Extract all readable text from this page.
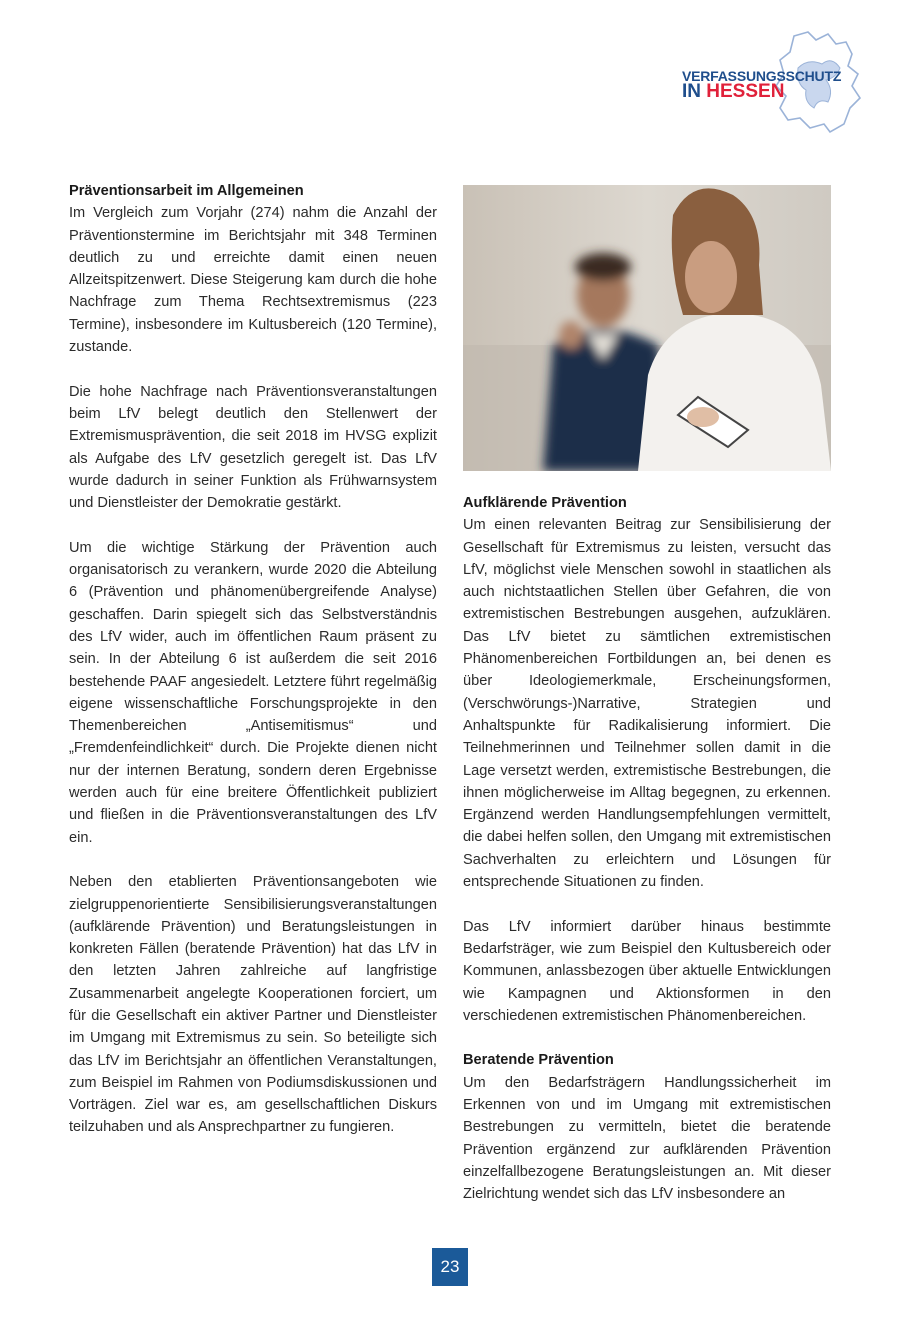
VERFASSUNGSSCHUTZ
IN HESSEN
Präventionsarbeit im Allgemeinen

Im Vergleich zum Vorjahr (274) nahm die Anzahl der Präventionstermine im Berichtsjahr mit 348 Terminen deutlich zu und erreichte damit einen neuen Allzeitspitzenwert. Diese Steigerung kam durch die hohe Nachfrage zum Thema Rechtsextremismus (223 Termine), insbesondere im Kultusbereich (120 Termine), zustande.

Die hohe Nachfrage nach Präventionsveranstaltungen beim LfV belegt deutlich den Stellenwert der Extremismusprävention, die seit 2018 im HVSG explizit als Aufgabe des LfV gesetzlich geregelt ist. Das LfV wurde dadurch in seiner Funktion als Frühwarnsystem und Dienstleister der Demokratie gestärkt.

Um die wichtige Stärkung der Prävention auch organisatorisch zu verankern, wurde 2020 die Abteilung 6 (Prävention und phänomenübergreifende Analyse) geschaffen. Darin spiegelt sich das Selbstverständnis des LfV wider, auch im öffentlichen Raum präsent zu sein. In der Abteilung 6 ist außerdem die seit 2016 bestehende PAAF angesiedelt. Letztere führt regelmäßig eigene wissenschaftliche Forschungsprojekte in den Themenbereichen „Antisemitismus“ und „Fremdenfeindlichkeit“ durch. Die Projekte dienen nicht nur der internen Beratung, sondern deren Ergebnisse werden auch für eine breitere Öffentlichkeit publiziert und fließen in die Präventionsveranstaltungen des LfV ein.

Neben den etablierten Präventionsangeboten wie zielgruppenorientierte Sensibilisierungsveranstaltungen (aufklärende Prävention) und Beratungsleistungen in konkreten Fällen (beratende Prävention) hat das LfV in den letzten Jahren zahlreiche auf langfristige Zusammenarbeit angelegte Kooperationen forciert, um für die Gesellschaft ein aktiver Partner und Dienstleister im Umgang mit Extremismus zu sein. So beteiligte sich das LfV im Berichtsjahr an öffentlichen Veranstaltungen, zum Beispiel im Rahmen von Podiumsdiskussionen und Vorträgen. Ziel war es, am gesellschaftlichen Diskurs teilzuhaben und als Ansprechpartner zu fungieren.

Aufklärende Prävention

Um einen relevanten Beitrag zur Sensibilisierung der Gesellschaft für Extremismus zu leisten, versucht das LfV, möglichst viele Menschen sowohl in staatlichen als auch nichtstaatlichen Stellen über Gefahren, die von extremistischen Bestrebungen ausgehen, aufzuklären. Das LfV bietet zu sämtlichen extremistischen Phänomenbereichen Fortbildungen an, bei denen es über Ideologiemerkmale, Erscheinungsformen, (Verschwörungs-)Narrative, Strategien und Anhaltspunkte für Radikalisierung informiert. Die Teilnehmerinnen und Teilnehmer sollen damit in die Lage versetzt werden, extremistische Bestrebungen, die ihnen möglicherweise im Alltag begegnen, zu erkennen. Ergänzend werden Handlungsempfehlungen vermittelt, die dabei helfen sollen, den Umgang mit extremistischen Sachverhalten zu erleichtern und Lösungen für entsprechende Situationen zu finden.

Das LfV informiert darüber hinaus bestimmte Bedarfsträger, wie zum Beispiel den Kultusbereich oder Kommunen, anlassbezogen über aktuelle Entwicklungen wie Kampagnen und Aktionsformen in den verschiedenen extremistischen Phänomenbereichen.

Beratende Prävention

Um den Bedarfsträgern Handlungssicherheit im Erkennen von und im Umgang mit extremistischen Bestrebungen zu vermitteln, bietet die beratende Prävention ergänzend zur aufklärenden Prävention einzelfallbezogene Beratungsleistungen an. Mit dieser Zielrichtung wendet sich das LfV insbesondere an

23
